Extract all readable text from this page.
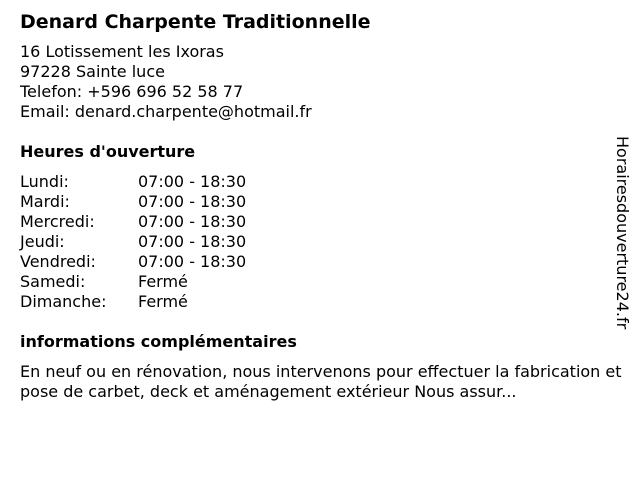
Denard Charpente Traditionnelle
16 Lotissement les Ixoras
97228 Sainte luce
Telefon: +596 696 52 58 77
Email: denard.charpente@hotmail.fr
Heures d'ouverture
Lundi:	07:00 - 18:30
Mardi:	07:00 - 18:30
Mercredi:	07:00 - 18:30
Jeudi:	07:00 - 18:30
Vendredi:	07:00 - 18:30
Samedi:	Fermé
Dimanche:	Fermé
informations complémentaires
En neuf ou en rénovation, nous intervenons pour effectuer la fabrication et pose de carbet, deck et aménagement extérieur Nous assur...
Horairesdouverture24.fr
